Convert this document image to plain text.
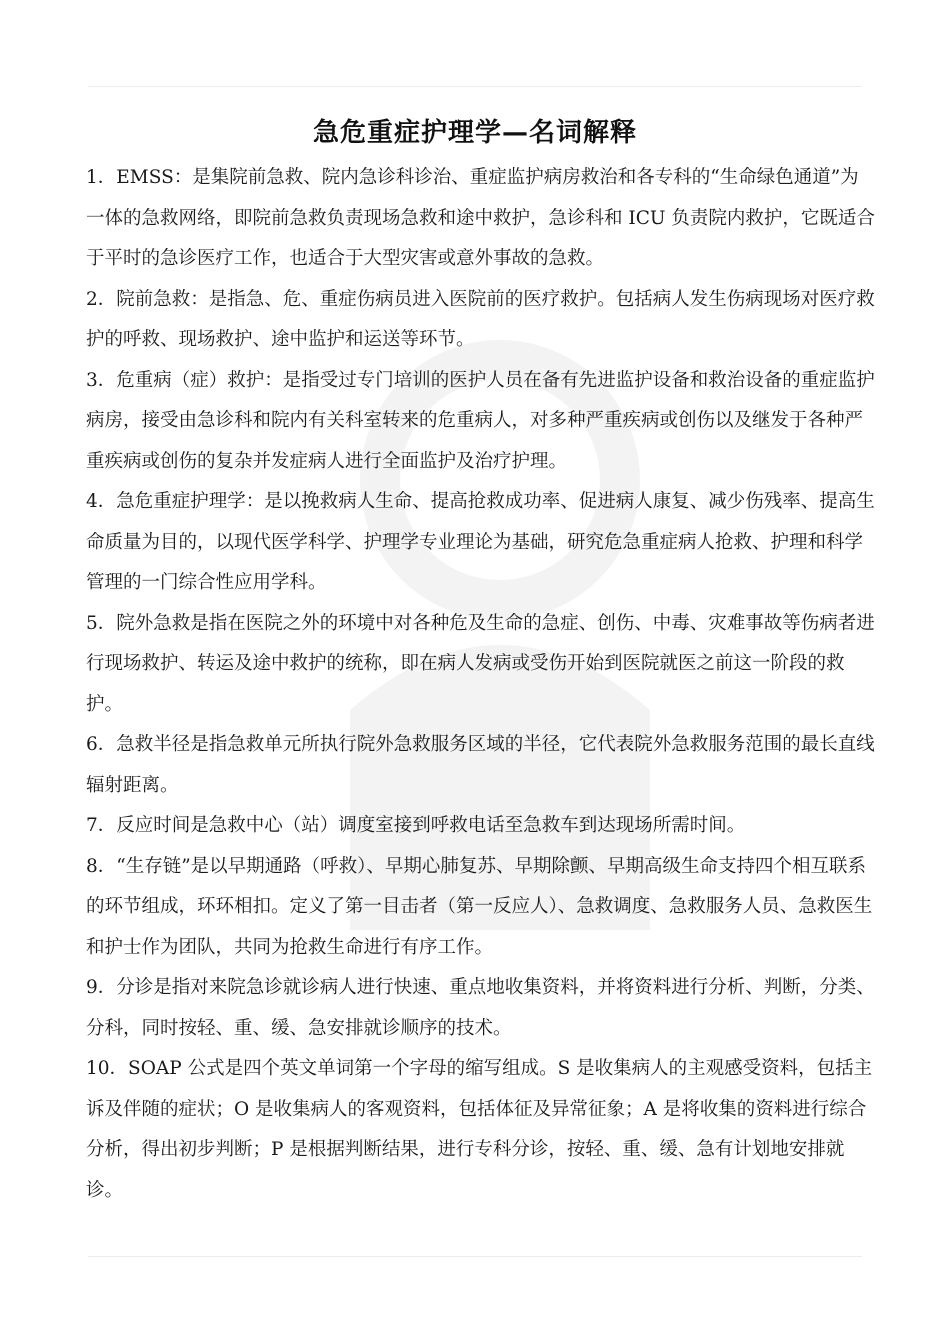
急危重症护理学—名词解释

1．EMSS：是集院前急救、院内急诊科诊治、重症监护病房救治和各专科的“生命绿色通道”为一体的急救网络，即院前急救负责现场急救和途中救护，急诊科和 ICU 负责院内救护，它既适合于平时的急诊医疗工作，也适合于大型灾害或意外事故的急救。

2．院前急救：是指急、危、重症伤病员进入医院前的医疗救护。包括病人发生伤病现场对医疗救护的呼救、现场救护、途中监护和运送等环节。

3．危重病（症）救护：是指受过专门培训的医护人员在备有先进监护设备和救治设备的重症监护病房，接受由急诊科和院内有关科室转来的危重病人，对多种严重疾病或创伤以及继发于各种严重疾病或创伤的复杂并发症病人进行全面监护及治疗护理。

4．急危重症护理学：是以挽救病人生命、提高抢救成功率、促进病人康复、减少伤残率、提高生命质量为目的，以现代医学科学、护理学专业理论为基础，研究危急重症病人抢救、护理和科学管理的一门综合性应用学科。

5．院外急救是指在医院之外的环境中对各种危及生命的急症、创伤、中毒、灾难事故等伤病者进行现场救护、转运及途中救护的统称，即在病人发病或受伤开始到医院就医之前这一阶段的救护。

6．急救半径是指急救单元所执行院外急救服务区域的半径，它代表院外急救服务范围的最长直线辐射距离。

7．反应时间是急救中心（站）调度室接到呼救电话至急救车到达现场所需时间。

8．“生存链”是以早期通路（呼救）、早期心肺复苏、早期除颤、早期高级生命支持四个相互联系的环节组成，环环相扣。定义了第一目击者（第一反应人）、急救调度、急救服务人员、急救医生和护士作为团队，共同为抢救生命进行有序工作。

9．分诊是指对来院急诊就诊病人进行快速、重点地收集资料，并将资料进行分析、判断，分类、分科，同时按轻、重、缓、急安排就诊顺序的技术。

10．SOAP 公式是四个英文单词第一个字母的缩写组成。S 是收集病人的主观感受资料，包括主诉及伴随的症状；O 是收集病人的客观资料，包括体征及异常征象；A 是将收集的资料进行综合分析，得出初步判断；P 是根据判断结果，进行专科分诊，按轻、重、缓、急有计划地安排就诊。
